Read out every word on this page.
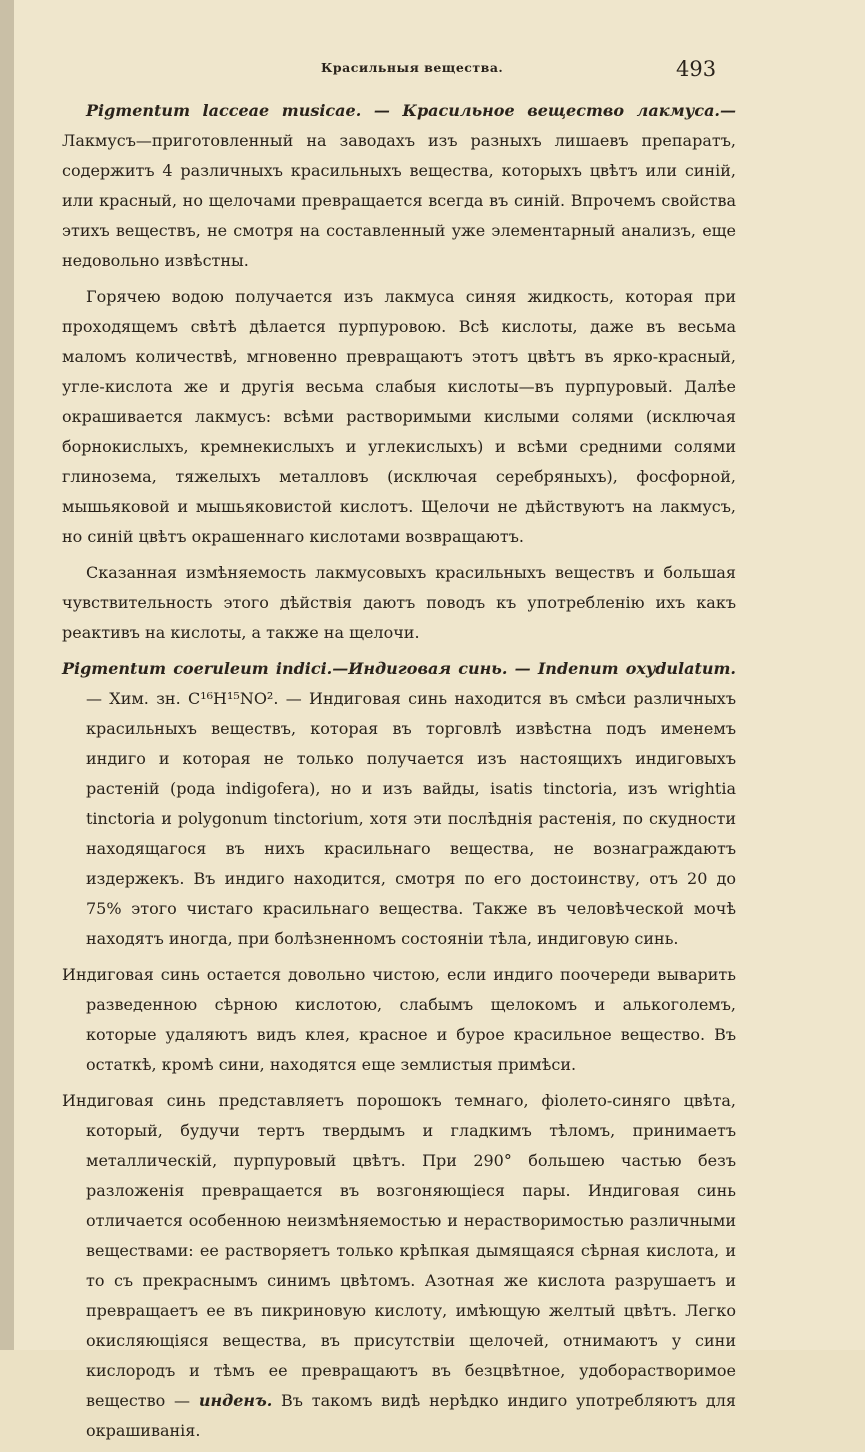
Красильныя вещества.	493

Pigmentum lacceae musicae. — Красильное вещество лакмуса.— Лакмусъ—приготовленный на заводахъ изъ разныхъ лишаевъ препаратъ, содержитъ 4 различныхъ красильныхъ вещества, которыхъ цвѣтъ или синій, или красный, но щелочами превращается всегда въ синій. Впрочемъ свойства этихъ веществъ, не смотря на составленный уже элементарный анализъ, еще недовольно извѣстны.

Горячею водою получается изъ лакмуса синяя жидкость, которая при проходящемъ свѣтѣ дѣлается пурпуровою. Всѣ кислоты, даже въ весьма маломъ количествѣ, мгновенно превращаютъ этотъ цвѣтъ въ ярко-красный, угле-кислота же и другія весьма слабыя кислоты—въ пурпуровый. Далѣе окрашивается лакмусъ: всѣми растворимыми кислыми солями (исключая борнокислыхъ, кремнекислыхъ и углекислыхъ) и всѣми средними солями глинозема, тяжелыхъ металловъ (исключая серебряныхъ), фосфорной, мышьяковой и мышьяковистой кислотъ. Щелочи не дѣйствуютъ на лакмусъ, но синій цвѣтъ окрашеннаго кислотами возвращаютъ.

Сказанная измѣняемость лакмусовыхъ красильныхъ веществъ и большая чувствительность этого дѣйствія даютъ поводъ къ употребленію ихъ какъ реактивъ на кислоты, а также на щелочи.

Pigmentum coeruleum indici.—Индиговая синь. — Indenum oxydulatum. — Хим. зн. C¹⁶H¹⁵NO². — Индиговая синь находится въ смѣси различныхъ красильныхъ веществъ, которая въ торговлѣ извѣстна подъ именемъ индиго и которая не только получается изъ настоящихъ индиговыхъ растеній (рода indigofera), но и изъ вайды, isatis tinctoria, изъ wrightia tinctoria и polygonum tinctorium, хотя эти послѣднія растенія, по скудности находящагося въ нихъ красильнаго вещества, не вознаграждаютъ издержекъ. Въ индиго находится, смотря по его достоинству, отъ 20 до 75% этого чистаго красильнаго вещества. Также въ человѣческой мочѣ находятъ иногда, при болѣзненномъ состояніи тѣла, индиговую синь.

Индиговая синь остается довольно чистою, если индиго поочереди выварить разведенною сѣрною кислотою, слабымъ щелокомъ и алькоголемъ, которые удаляютъ видъ клея, красное и бурое красильное вещество. Въ остаткѣ, кромѣ сини, находятся еще землистыя примѣси.

Индиговая синь представляетъ порошокъ темнаго, фіолето-синяго цвѣта, который, будучи тертъ твердымъ и гладкимъ тѣломъ, принимаетъ металлическій, пурпуровый цвѣтъ. При 290° большею частью безъ разложенія превращается въ возгоняющіеся пары. Индиговая синь отличается особенною неизмѣняемостью и нерастворимостью различными веществами: ее растворяетъ только крѣпкая дымящаяся сѣрная кислота, и то съ прекраснымъ синимъ цвѣтомъ. Азотная же кислота разрушаетъ и превращаетъ ее въ пикриновую кислоту, имѣющую желтый цвѣтъ. Легко окисляющіяся вещества, въ присутствіи щелочей, отнимаютъ у сини кислородъ и тѣмъ ее превращаютъ въ безцвѣтное, удоборастворимое вещество — инденъ. Въ такомъ видѣ нерѣдко индиго употребляютъ для окрашиванія.
